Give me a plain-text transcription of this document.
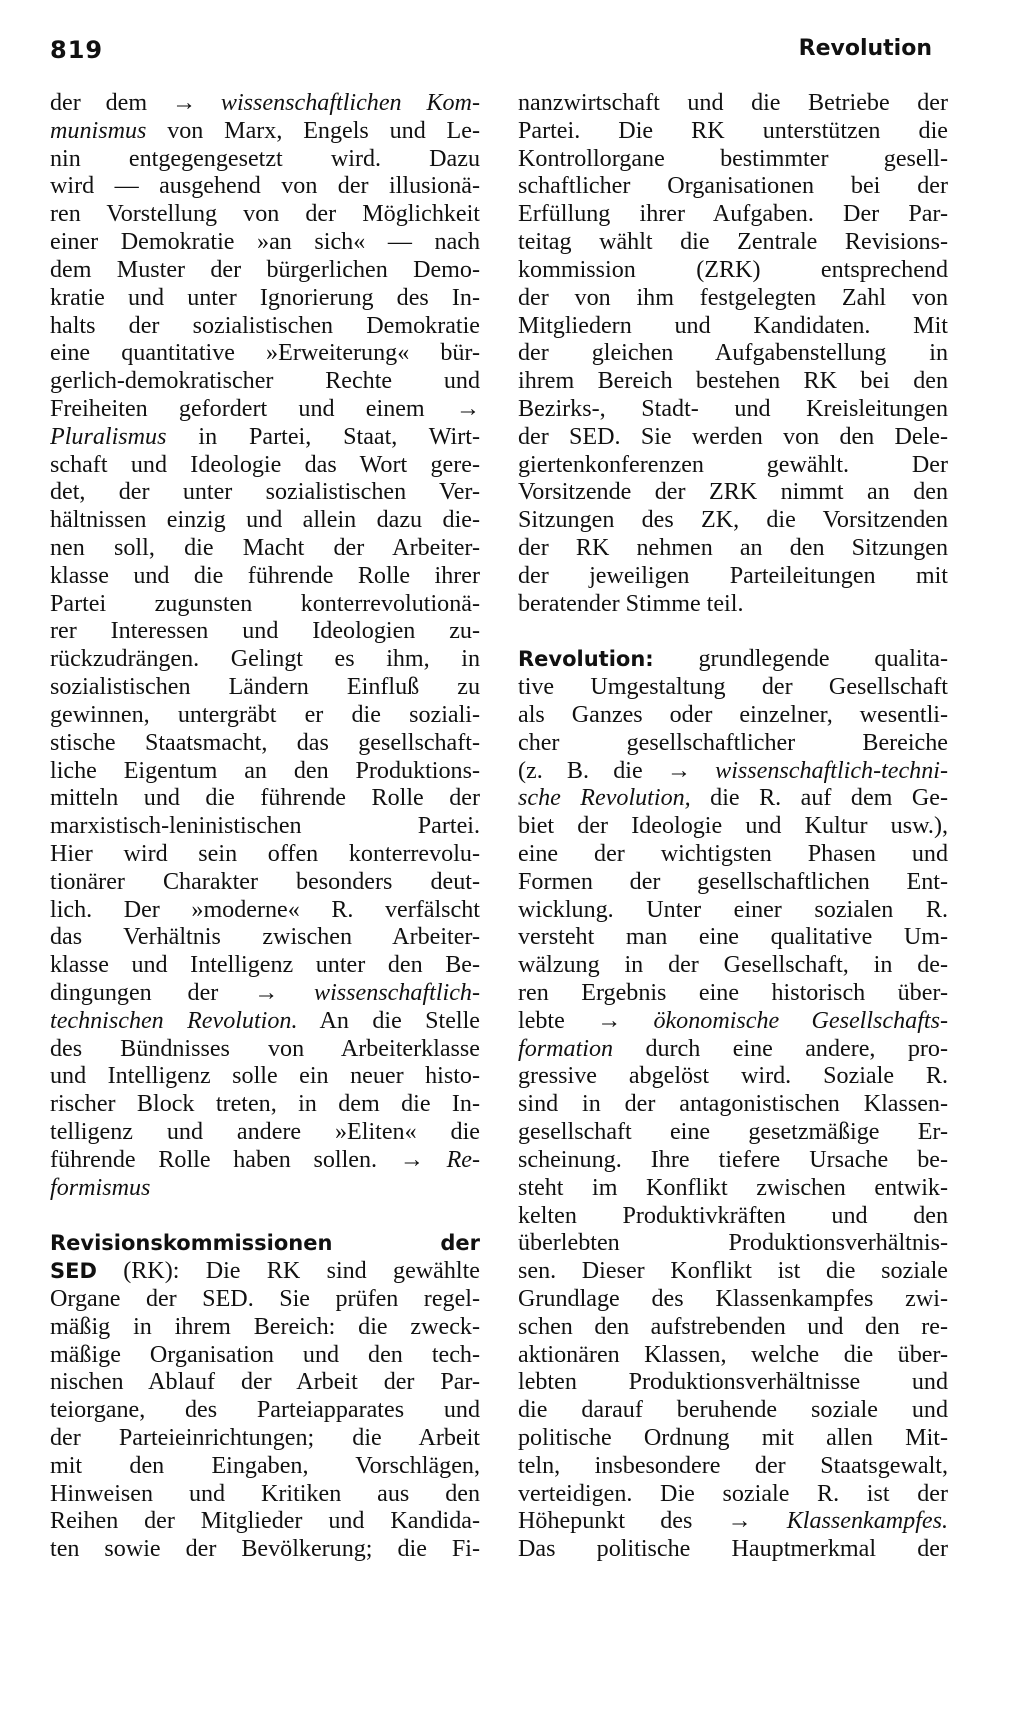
819	Revolution
der dem → wissenschaftlichen Kom-
munismus von Marx, Engels und Le-
nin entgegengesetzt wird. Dazu
wird — ausgehend von der illusionä-
ren Vorstellung von der Möglichkeit
einer Demokratie »an sich« — nach
dem Muster der bürgerlichen Demo-
kratie und unter Ignorierung des In-
halts der sozialistischen Demokratie
eine quantitative »Erweiterung« bür-
gerlich-demokratischer Rechte und
Freiheiten gefordert und einem →
Pluralismus in Partei, Staat, Wirt-
schaft und Ideologie das Wort gere-
det, der unter sozialistischen Ver-
hältnissen einzig und allein dazu die-
nen soll, die Macht der Arbeiter-
klasse und die führende Rolle ihrer
Partei zugunsten konterrevolutionä-
rer Interessen und Ideologien zu-
rückzudrängen. Gelingt es ihm, in
sozialistischen Ländern Einfluß zu
gewinnen, untergräbt er die soziali-
stische Staatsmacht, das gesellschaft-
liche Eigentum an den Produktions-
mitteln und die führende Rolle der
marxistisch-leninistischen Partei.
Hier wird sein offen konterrevolu-
tionärer Charakter besonders deut-
lich. Der »moderne« R. verfälscht
das Verhältnis zwischen Arbeiter-
klasse und Intelligenz unter den Be-
dingungen der → wissenschaftlich-
technischen Revolution. An die Stelle
des Bündnisses von Arbeiterklasse
und Intelligenz solle ein neuer histo-
rischer Block treten, in dem die In-
telligenz und andere »Eliten« die
führende Rolle haben sollen. → Re-
formismus
Revisionskommissionen der
SED (RK): Die RK sind gewählte
Organe der SED. Sie prüfen regel-
mäßig in ihrem Bereich: die zweck-
mäßige Organisation und den tech-
nischen Ablauf der Arbeit der Par-
teiorgane, des Parteiapparates und
der Parteieinrichtungen; die Arbeit
mit den Eingaben, Vorschlägen,
Hinweisen und Kritiken aus den
Reihen der Mitglieder und Kandida-
ten sowie der Bevölkerung; die Fi-
nanzwirtschaft und die Betriebe der
Partei. Die RK unterstützen die
Kontrollorgane bestimmter gesell-
schaftlicher Organisationen bei der
Erfüllung ihrer Aufgaben. Der Par-
teitag wählt die Zentrale Revisions-
kommission (ZRK) entsprechend
der von ihm festgelegten Zahl von
Mitgliedern und Kandidaten. Mit
der gleichen Aufgabenstellung in
ihrem Bereich bestehen RK bei den
Bezirks-, Stadt- und Kreisleitungen
der SED. Sie werden von den Dele-
giertenkonferenzen gewählt. Der
Vorsitzende der ZRK nimmt an den
Sitzungen des ZK, die Vorsitzenden
der RK nehmen an den Sitzungen
der jeweiligen Parteileitungen mit
beratender Stimme teil.
Revolution: grundlegende qualita-
tive Umgestaltung der Gesellschaft
als Ganzes oder einzelner, wesentli-
cher gesellschaftlicher Bereiche
(z. B. die → wissenschaftlich-techni-
sche Revolution, die R. auf dem Ge-
biet der Ideologie und Kultur usw.),
eine der wichtigsten Phasen und
Formen der gesellschaftlichen Ent-
wicklung. Unter einer sozialen R.
versteht man eine qualitative Um-
wälzung in der Gesellschaft, in de-
ren Ergebnis eine historisch über-
lebte → ökonomische Gesellschafts-
formation durch eine andere, pro-
gressive abgelöst wird. Soziale R.
sind in der antagonistischen Klassen-
gesellschaft eine gesetzmäßige Er-
scheinung. Ihre tiefere Ursache be-
steht im Konflikt zwischen entwik-
kelten Produktivkräften und den
überlebten Produktionsverhältnis-
sen. Dieser Konflikt ist die soziale
Grundlage des Klassenkampfes zwi-
schen den aufstrebenden und den re-
aktionären Klassen, welche die über-
lebten Produktionsverhältnisse und
die darauf beruhende soziale und
politische Ordnung mit allen Mit-
teln, insbesondere der Staatsgewalt,
verteidigen. Die soziale R. ist der
Höhepunkt des → Klassenkampfes.
Das politische Hauptmerkmal der
